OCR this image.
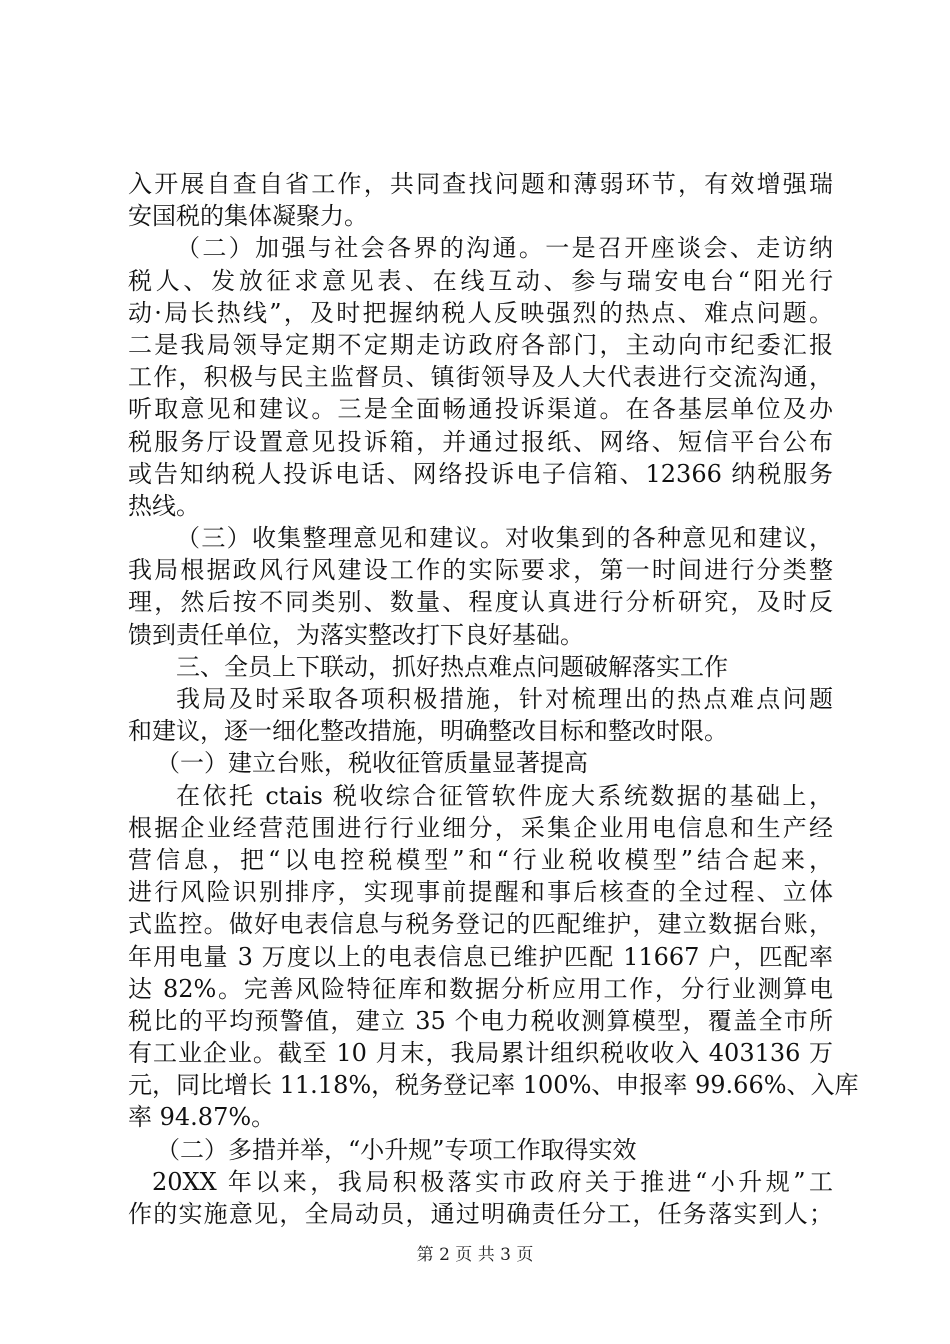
入开展自查自省工作，共同查找问题和薄弱环节，有效增强瑞
安国税的集体凝聚力。
（二）加强与社会各界的沟通。一是召开座谈会、走访纳
税人、发放征求意见表、在线互动、参与瑞安电台“阳光行
动·局长热线”，及时把握纳税人反映强烈的热点、难点问题。
二是我局领导定期不定期走访政府各部门，主动向市纪委汇报
工作，积极与民主监督员、镇街领导及人大代表进行交流沟通，
听取意见和建议。三是全面畅通投诉渠道。在各基层单位及办
税服务厅设置意见投诉箱，并通过报纸、网络、短信平台公布
或告知纳税人投诉电话、网络投诉电子信箱、12366 纳税服务
热线。
（三）收集整理意见和建议。对收集到的各种意见和建议，
我局根据政风行风建设工作的实际要求，第一时间进行分类整
理，然后按不同类别、数量、程度认真进行分析研究，及时反
馈到责任单位，为落实整改打下良好基础。
三、全员上下联动，抓好热点难点问题破解落实工作
我局及时采取各项积极措施，针对梳理出的热点难点问题
和建议，逐一细化整改措施，明确整改目标和整改时限。
（一）建立台账，税收征管质量显著提高
在依托 ctais 税收综合征管软件庞大系统数据的基础上，
根据企业经营范围进行行业细分，采集企业用电信息和生产经
营信息，把“以电控税模型”和“行业税收模型”结合起来，
进行风险识别排序，实现事前提醒和事后核查的全过程、立体
式监控。做好电表信息与税务登记的匹配维护，建立数据台账，
年用电量 3 万度以上的电表信息已维护匹配 11667 户，匹配率
达 82%。完善风险特征库和数据分析应用工作，分行业测算电
税比的平均预警值，建立 35 个电力税收测算模型，覆盖全市所
有工业企业。截至 10 月末，我局累计组织税收收入 403136 万
元，同比增长 11.18%，税务登记率 100%、申报率 99.66%、入库
率 94.87%。
（二）多措并举，“小升规”专项工作取得实效
20XX 年以来，我局积极落实市政府关于推进“小升规”工
作的实施意见，全局动员，通过明确责任分工，任务落实到人；
第 2 页 共 3 页
